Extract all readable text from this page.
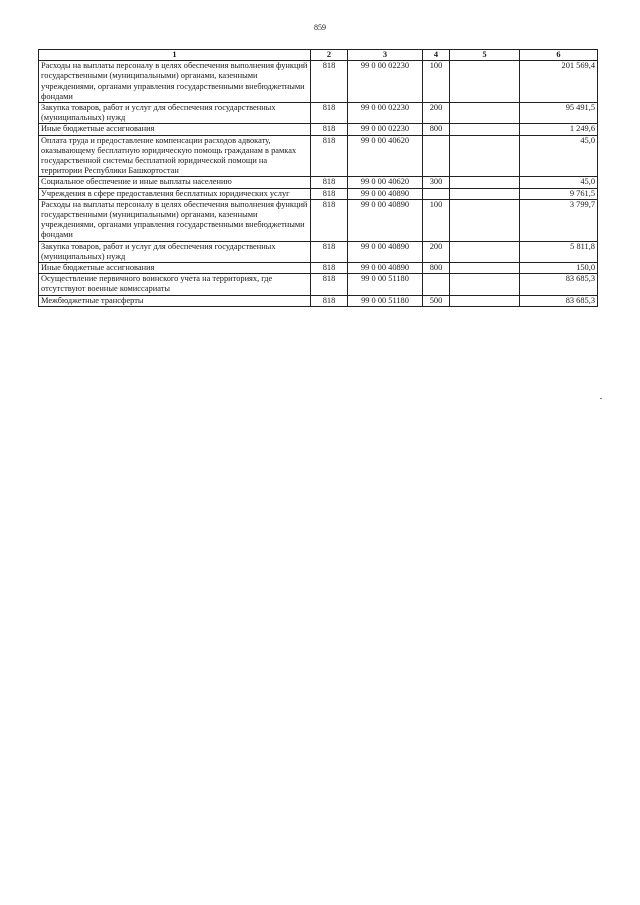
859
1	2	3	4	5	6
Расходы на выплаты персоналу в целях обеспечения выполнения функций государственными (муниципальными) органами, казенными учреждениями, органами управления государственными внебюджетными фондами	818	99 0 00 02230	100		201 569,4
Закупка товаров, работ и услуг для обеспечения государственных (муниципальных) нужд	818	99 0 00 02230	200		95 491,5
Иные бюджетные ассигнования	818	99 0 00 02230	800		1 249,6
Оплата труда и предоставление компенсации расходов адвокату, оказывающему бесплатную юридическую помощь гражданам в рамках государственной системы бесплатной юридической помощи на территории Республики Башкортостан	818	99 0 00 40620			45,0
Социальное обеспечение и иные выплаты населению	818	99 0 00 40620	300		45,0
Учреждения в сфере предоставления бесплатных юридических услуг	818	99 0 00 40890			9 761,5
Расходы на выплаты персоналу в целях обеспечения выполнения функций государственными (муниципальными) органами, казенными учреждениями, органами управления государственными внебюджетными фондами	818	99 0 00 40890	100		3 799,7
Закупка товаров, работ и услуг для обеспечения государственных (муниципальных) нужд	818	99 0 00 40890	200		5 811,8
Иные бюджетные ассигнования	818	99 0 00 40890	800		150,0
Осуществление первичного воинского учета на территориях, где отсутствуют военные комиссариаты	818	99 0 00 51180			83 685,3
Межбюджетные трансферты	818	99 0 00 51180	500		83 685,3
